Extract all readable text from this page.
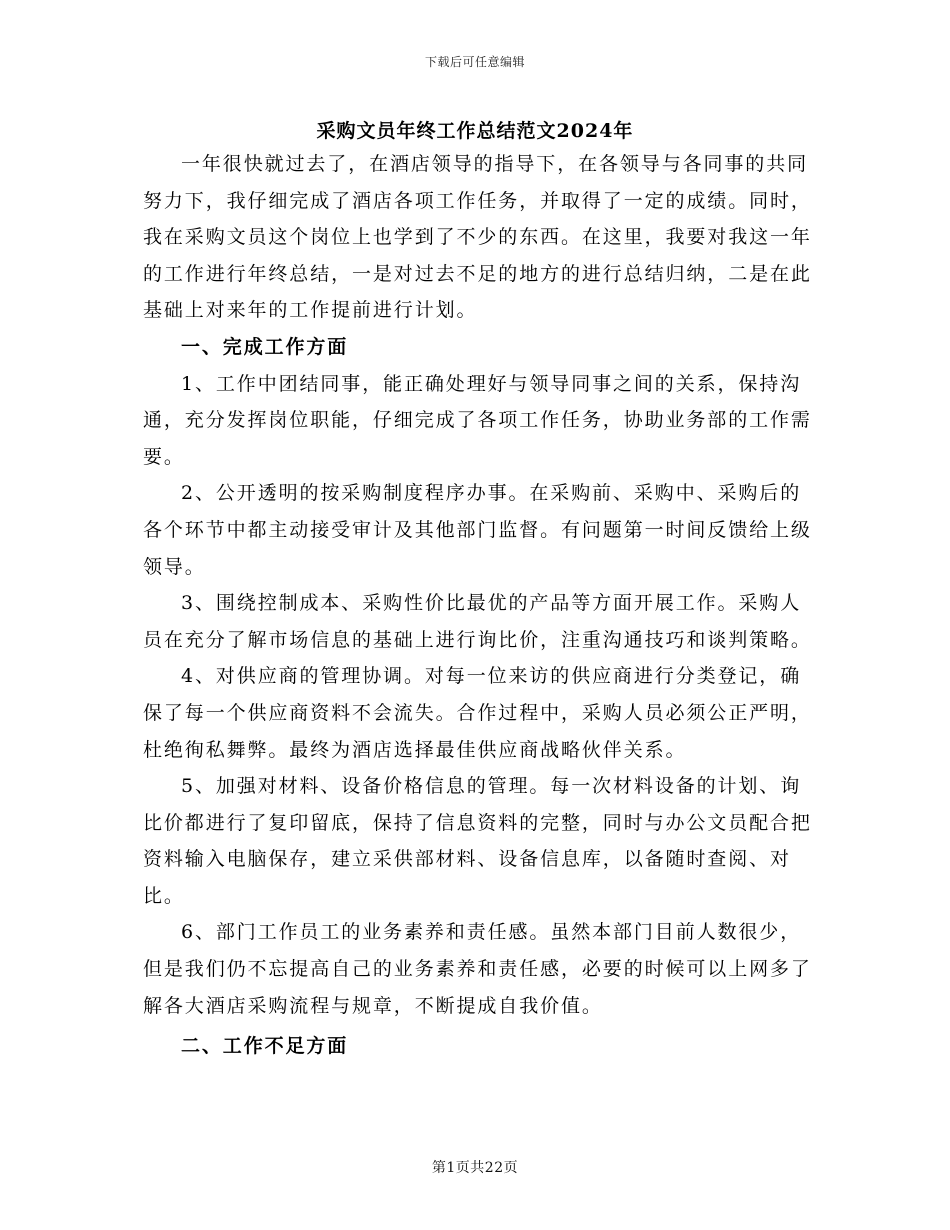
下载后可任意编辑
采购文员年终工作总结范文2024年

一年很快就过去了，在酒店领导的指导下，在各领导与各同事的共同努力下，我仔细完成了酒店各项工作任务，并取得了一定的成绩。同时，我在采购文员这个岗位上也学到了不少的东西。在这里，我要对我这一年的工作进行年终总结，一是对过去不足的地方的进行总结归纳，二是在此基础上对来年的工作提前进行计划。

一、完成工作方面

1、工作中团结同事，能正确处理好与领导同事之间的关系，保持沟通，充分发挥岗位职能，仔细完成了各项工作任务，协助业务部的工作需要。

2、公开透明的按采购制度程序办事。在采购前、采购中、采购后的各个环节中都主动接受审计及其他部门监督。有问题第一时间反馈给上级领导。

3、围绕控制成本、采购性价比最优的产品等方面开展工作。采购人员在充分了解市场信息的基础上进行询比价，注重沟通技巧和谈判策略。

4、对供应商的管理协调。对每一位来访的供应商进行分类登记，确保了每一个供应商资料不会流失。合作过程中，采购人员必须公正严明，杜绝徇私舞弊。最终为酒店选择最佳供应商战略伙伴关系。

5、加强对材料、设备价格信息的管理。每一次材料设备的计划、询比价都进行了复印留底，保持了信息资料的完整，同时与办公文员配合把资料输入电脑保存，建立采供部材料、设备信息库，以备随时查阅、对比。

6、部门工作员工的业务素养和责任感。虽然本部门目前人数很少，但是我们仍不忘提高自己的业务素养和责任感，必要的时候可以上网多了解各大酒店采购流程与规章，不断提成自我价值。

二、工作不足方面

第1页共22页
